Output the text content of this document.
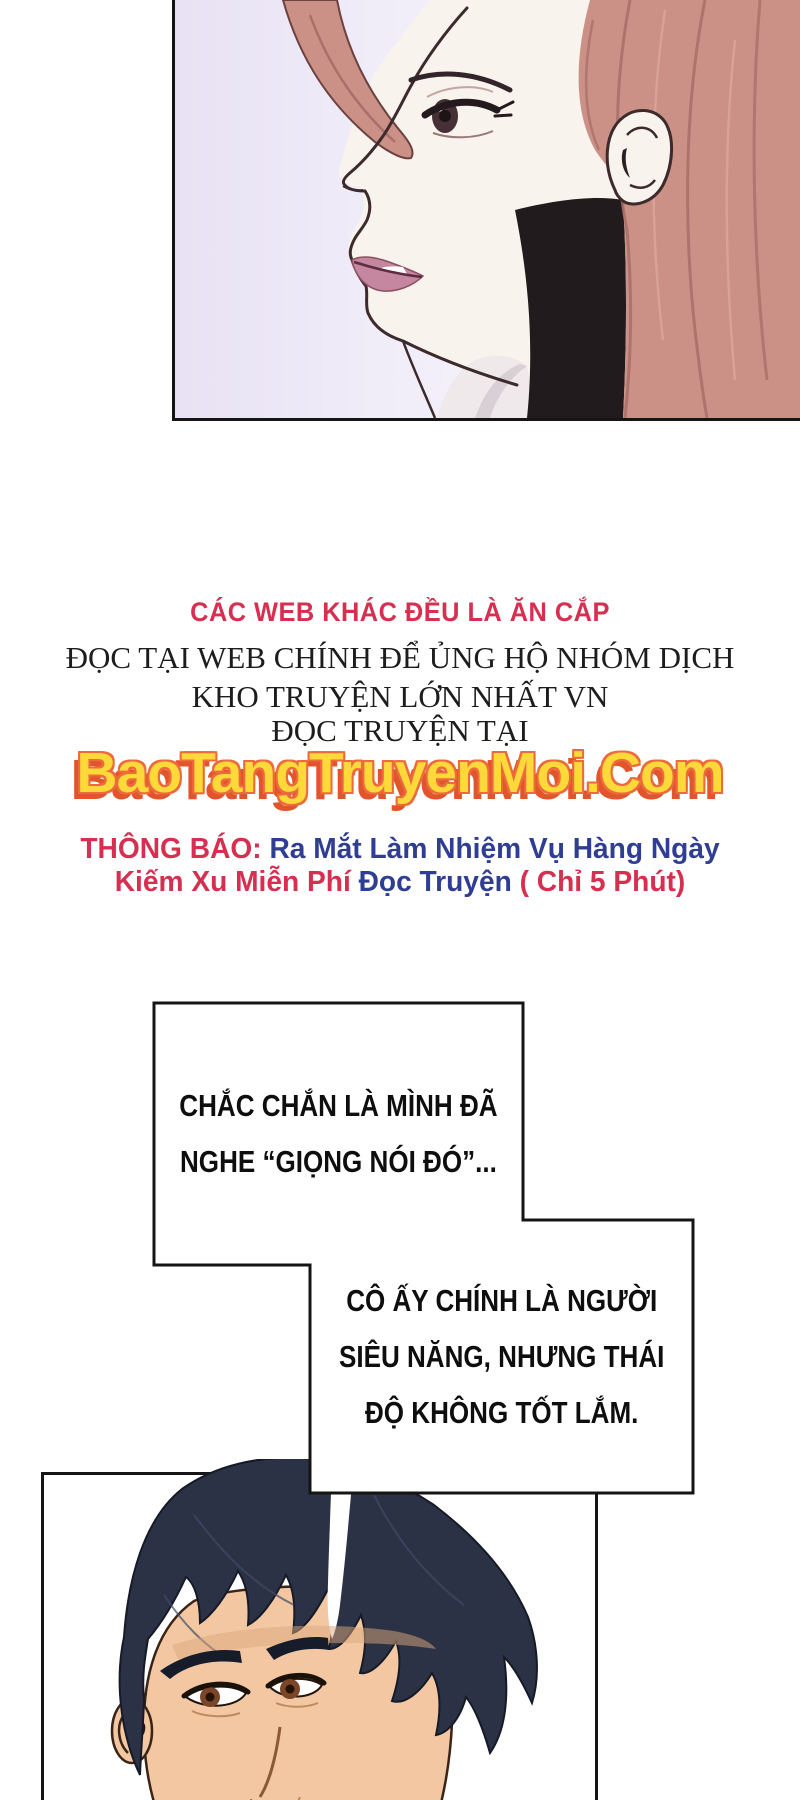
CÁC WEB KHÁC ĐỀU LÀ ĂN CẮP
ĐỌC TẠI WEB CHÍNH ĐỂ ỦNG HỘ NHÓM DỊCH
KHO TRUYỆN LỚN NHẤT VN
ĐỌC TRUYỆN TẠI
BaoTangTruyenMoi.Com
THÔNG BÁO: Ra Mắt Làm Nhiệm Vụ Hàng Ngày
Kiếm Xu Miễn Phí Đọc Truyện ( Chỉ 5 Phút)
CHẮC CHẮN LÀ MÌNH ĐÃ
NGHE “GIỌNG NÓI ĐÓ”...
CÔ ẤY CHÍNH LÀ NGƯỜI
SIÊU NĂNG, NHƯNG THÁI
ĐỘ KHÔNG TỐT LẮM.
